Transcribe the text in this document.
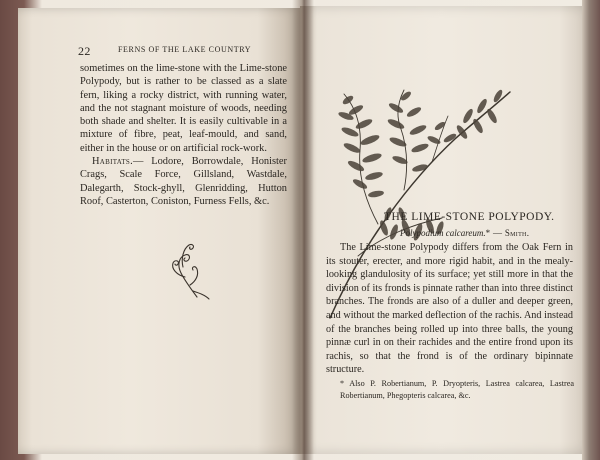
22	FERNS OF THE LAKE COUNTRY

sometimes on the lime-stone with the Lime-stone Polypody, but is rather to be classed as a slate fern, liking a rocky district, with running water, and the not stagnant moisture of woods, needing both shade and shelter. It is easily cultivable in a mixture of fibre, peat, leaf-mould, and sand, either in the house or on artificial rock-work.

Habitats.— Lodore, Borrowdale, Honister Crags, Scale Force, Gillsland, Wastdale, Dalegarth, Stock-ghyll, Glenridding, Hutton Roof, Casterton, Coniston, Furness Fells, &c.

THE LIME-STONE POLYPODY.
Polypodium calcareum.* — Smith.

The Lime-stone Polypody differs from the Oak Fern in its stouter, erecter, and more rigid habit, and in the mealy-looking glandulosity of its surface; yet still more in that the division of its fronds is pinnate rather than into three distinct branches. The fronds are also of a duller and deeper green, and without the marked deflection of the rachis. And instead of the branches being rolled up into three balls, the young pinnæ curl in on their rachides and the entire frond upon its rachis, so that the frond is of the ordinary bipinnate structure.

* Also P. Robertianum, P. Dryopteris, Lastrea calcarea, Lastrea Robertianum, Phegopteris calcarea, &c.
